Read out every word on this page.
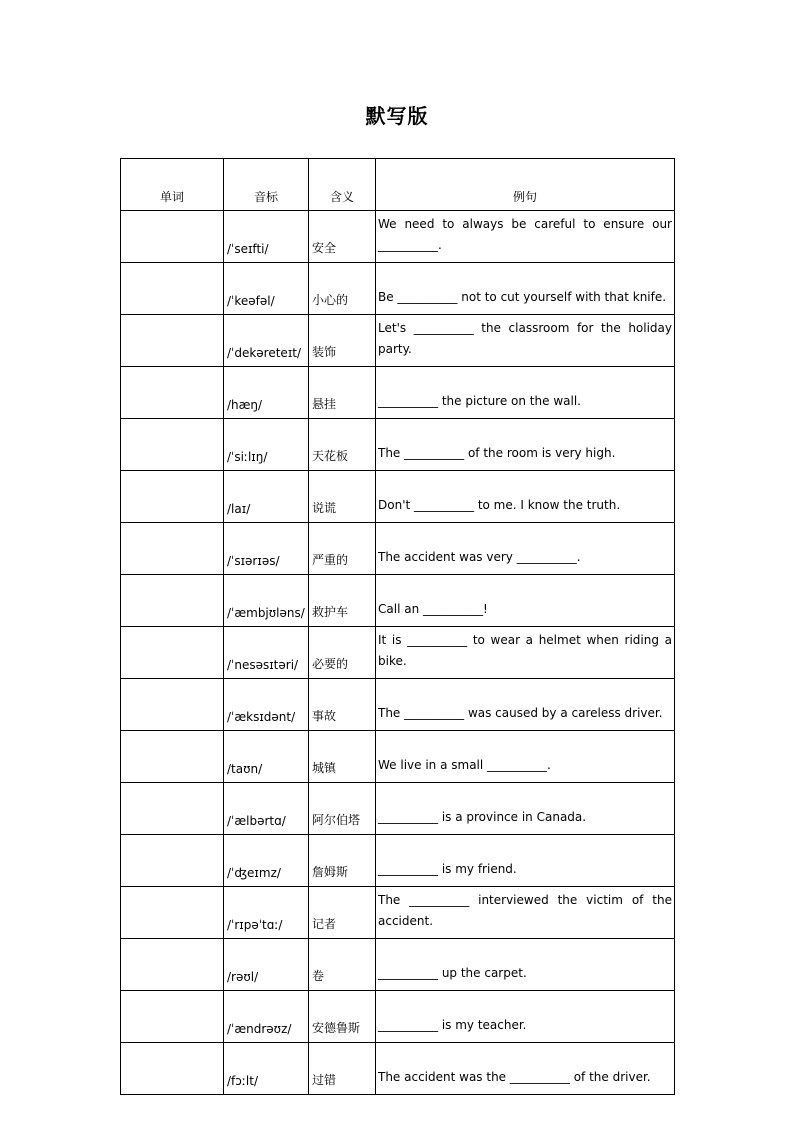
默写版
单词	音标	含义	例句
	/ˈseɪfti/	安全	We need to always be careful to ensure our __________.
	/ˈkeəfəl/	小心的	Be __________ not to cut yourself with that knife.
	/ˈdekəreteɪt/	装饰	Let's __________ the classroom for the holiday party.
	/hæŋ/	悬挂	__________ the picture on the wall.
	/ˈsiːlɪŋ/	天花板	The __________ of the room is very high.
	/laɪ/	说谎	Don't __________ to me. I know the truth.
	/ˈsɪərɪəs/	严重的	The accident was very __________.
	/ˈæmbjʊləns/	救护车	Call an __________!
	/ˈnesəsɪtəri/	必要的	It is __________ to wear a helmet when riding a bike.
	/ˈæksɪdənt/	事故	The __________ was caused by a careless driver.
	/taʊn/	城镇	We live in a small __________.
	/ˈælbərtɑ/	阿尔伯塔	__________ is a province in Canada.
	/ˈʤeɪmz/	詹姆斯	__________ is my friend.
	/ˈrɪpəˈtɑː/	记者	The __________ interviewed the victim of the accident.
	/rəʊl/	卷	__________ up the carpet.
	/ˈændrəʊz/	安德鲁斯	__________ is my teacher.
	/fɔːlt/	过错	The accident was the __________ of the driver.
